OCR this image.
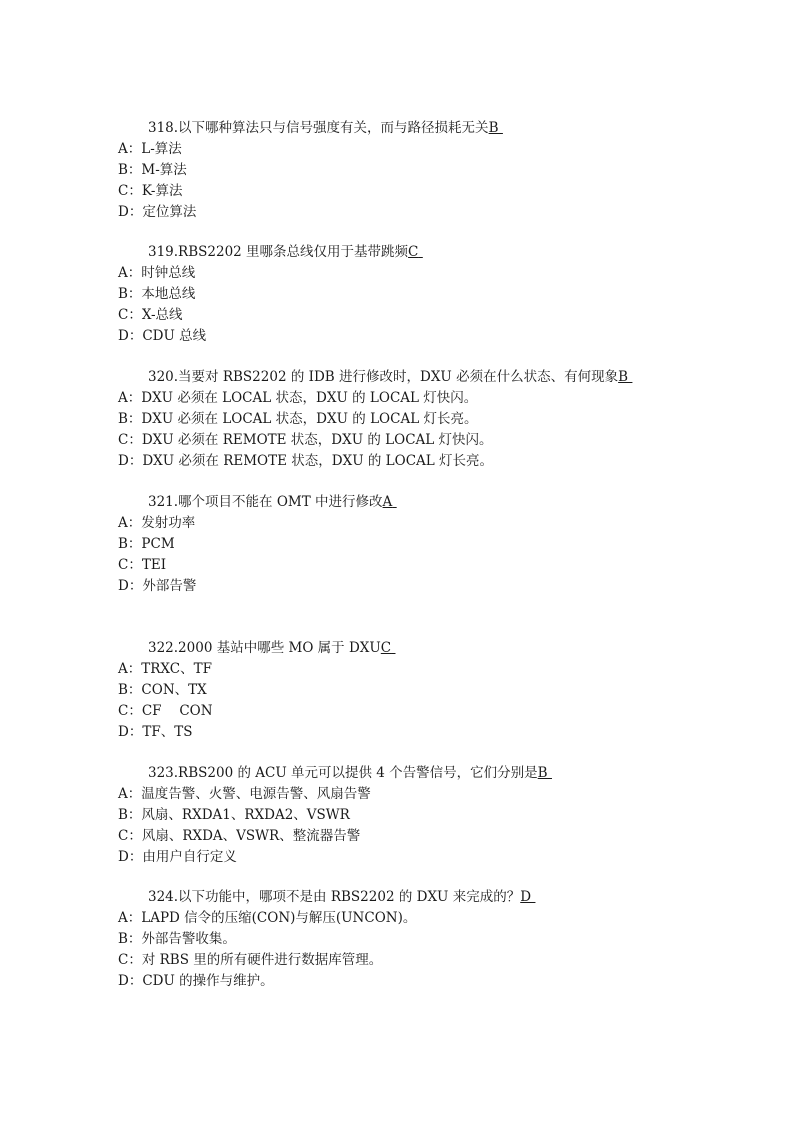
318.以下哪种算法只与信号强度有关，而与路径损耗无关B
A：L-算法
B：M-算法
C：K-算法
D：定位算法
319.RBS2202 里哪条总线仅用于基带跳频C
A：时钟总线
B：本地总线
C：X-总线
D：CDU 总线
320.当要对 RBS2202 的 IDB 进行修改时，DXU 必须在什么状态、有何现象B
A：DXU 必须在 LOCAL 状态，DXU 的 LOCAL 灯快闪。
B：DXU 必须在 LOCAL 状态，DXU 的 LOCAL 灯长亮。
C：DXU 必须在 REMOTE 状态，DXU 的 LOCAL 灯快闪。
D：DXU 必须在 REMOTE 状态，DXU 的 LOCAL 灯长亮。
321.哪个项目不能在 OMT 中进行修改A
A：发射功率
B：PCM
C：TEI
D：外部告警
322.2000 基站中哪些 MO 属于 DXUC
A：TRXC、TF
B：CON、TX
C：CF　 CON
D：TF、TS
323.RBS200 的 ACU 单元可以提供 4 个告警信号，它们分别是B
A：温度告警、火警、电源告警、风扇告警
B：风扇、RXDA1、RXDA2、VSWR
C：风扇、RXDA、VSWR、整流器告警
D：由用户自行定义
324.以下功能中，哪项不是由 RBS2202 的 DXU 来完成的？D
A：LAPD 信令的压缩(CON)与解压(UNCON)。
B：外部告警收集。
C：对 RBS 里的所有硬件进行数据库管理。
D：CDU 的操作与维护。
